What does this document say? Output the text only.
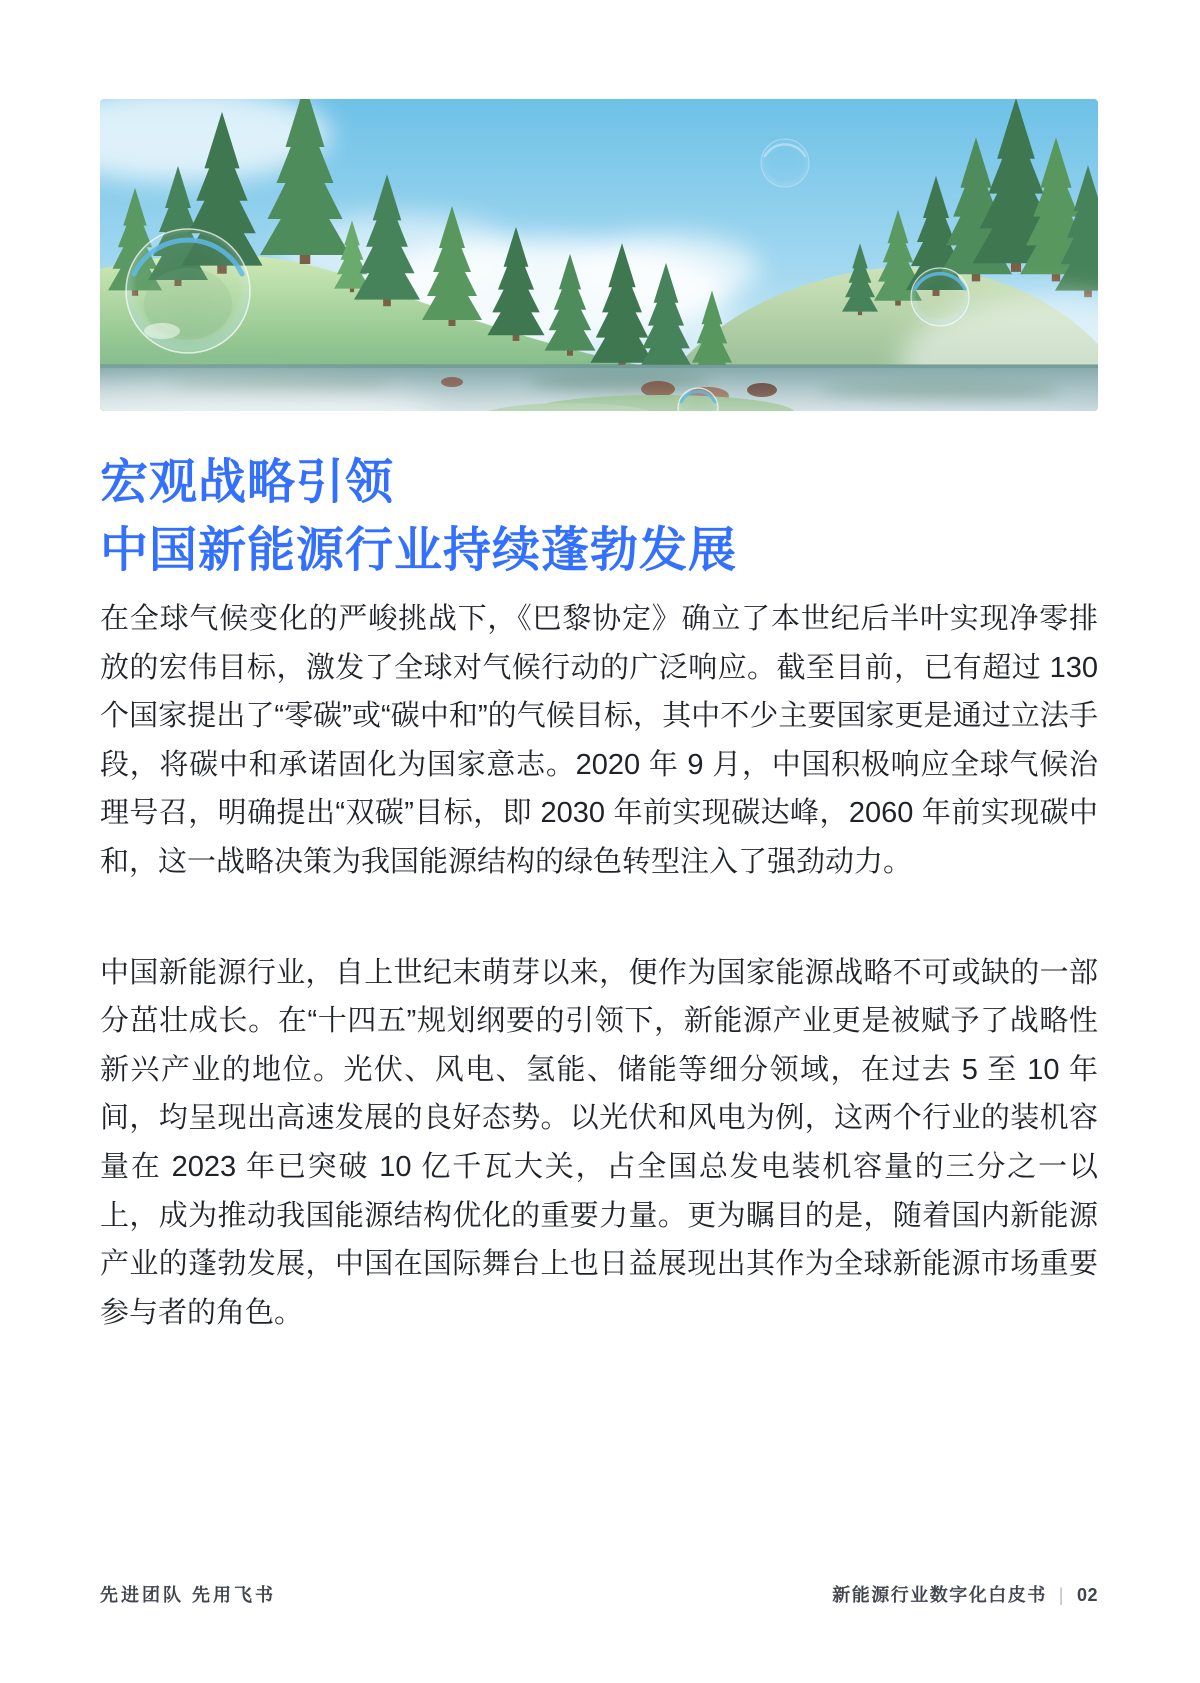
宏观战略引领
中国新能源行业持续蓬勃发展

在全球气候变化的严峻挑战下，《巴黎协定》确立了本世纪后半叶实现净零排放的宏伟目标，激发了全球对气候行动的广泛响应。截至目前，已有超过 130 个国家提出了“零碳”或“碳中和”的气候目标，其中不少主要国家更是通过立法手段，将碳中和承诺固化为国家意志。2020 年 9 月，中国积极响应全球气候治理号召，明确提出“双碳”目标，即 2030 年前实现碳达峰，2060 年前实现碳中和，这一战略决策为我国能源结构的绿色转型注入了强劲动力。

中国新能源行业，自上世纪末萌芽以来，便作为国家能源战略不可或缺的一部分茁壮成长。在“十四五”规划纲要的引领下，新能源产业更是被赋予了战略性新兴产业的地位。光伏、风电、氢能、储能等细分领域，在过去 5 至 10 年间，均呈现出高速发展的良好态势。以光伏和风电为例，这两个行业的装机容量在 2023 年已突破 10 亿千瓦大关，占全国总发电装机容量的三分之一以上，成为推动我国能源结构优化的重要力量。更为瞩目的是，随着国内新能源产业的蓬勃发展，中国在国际舞台上也日益展现出其作为全球新能源市场重要参与者的角色。

先进团队 先用飞书	新能源行业数字化白皮书 | 02
